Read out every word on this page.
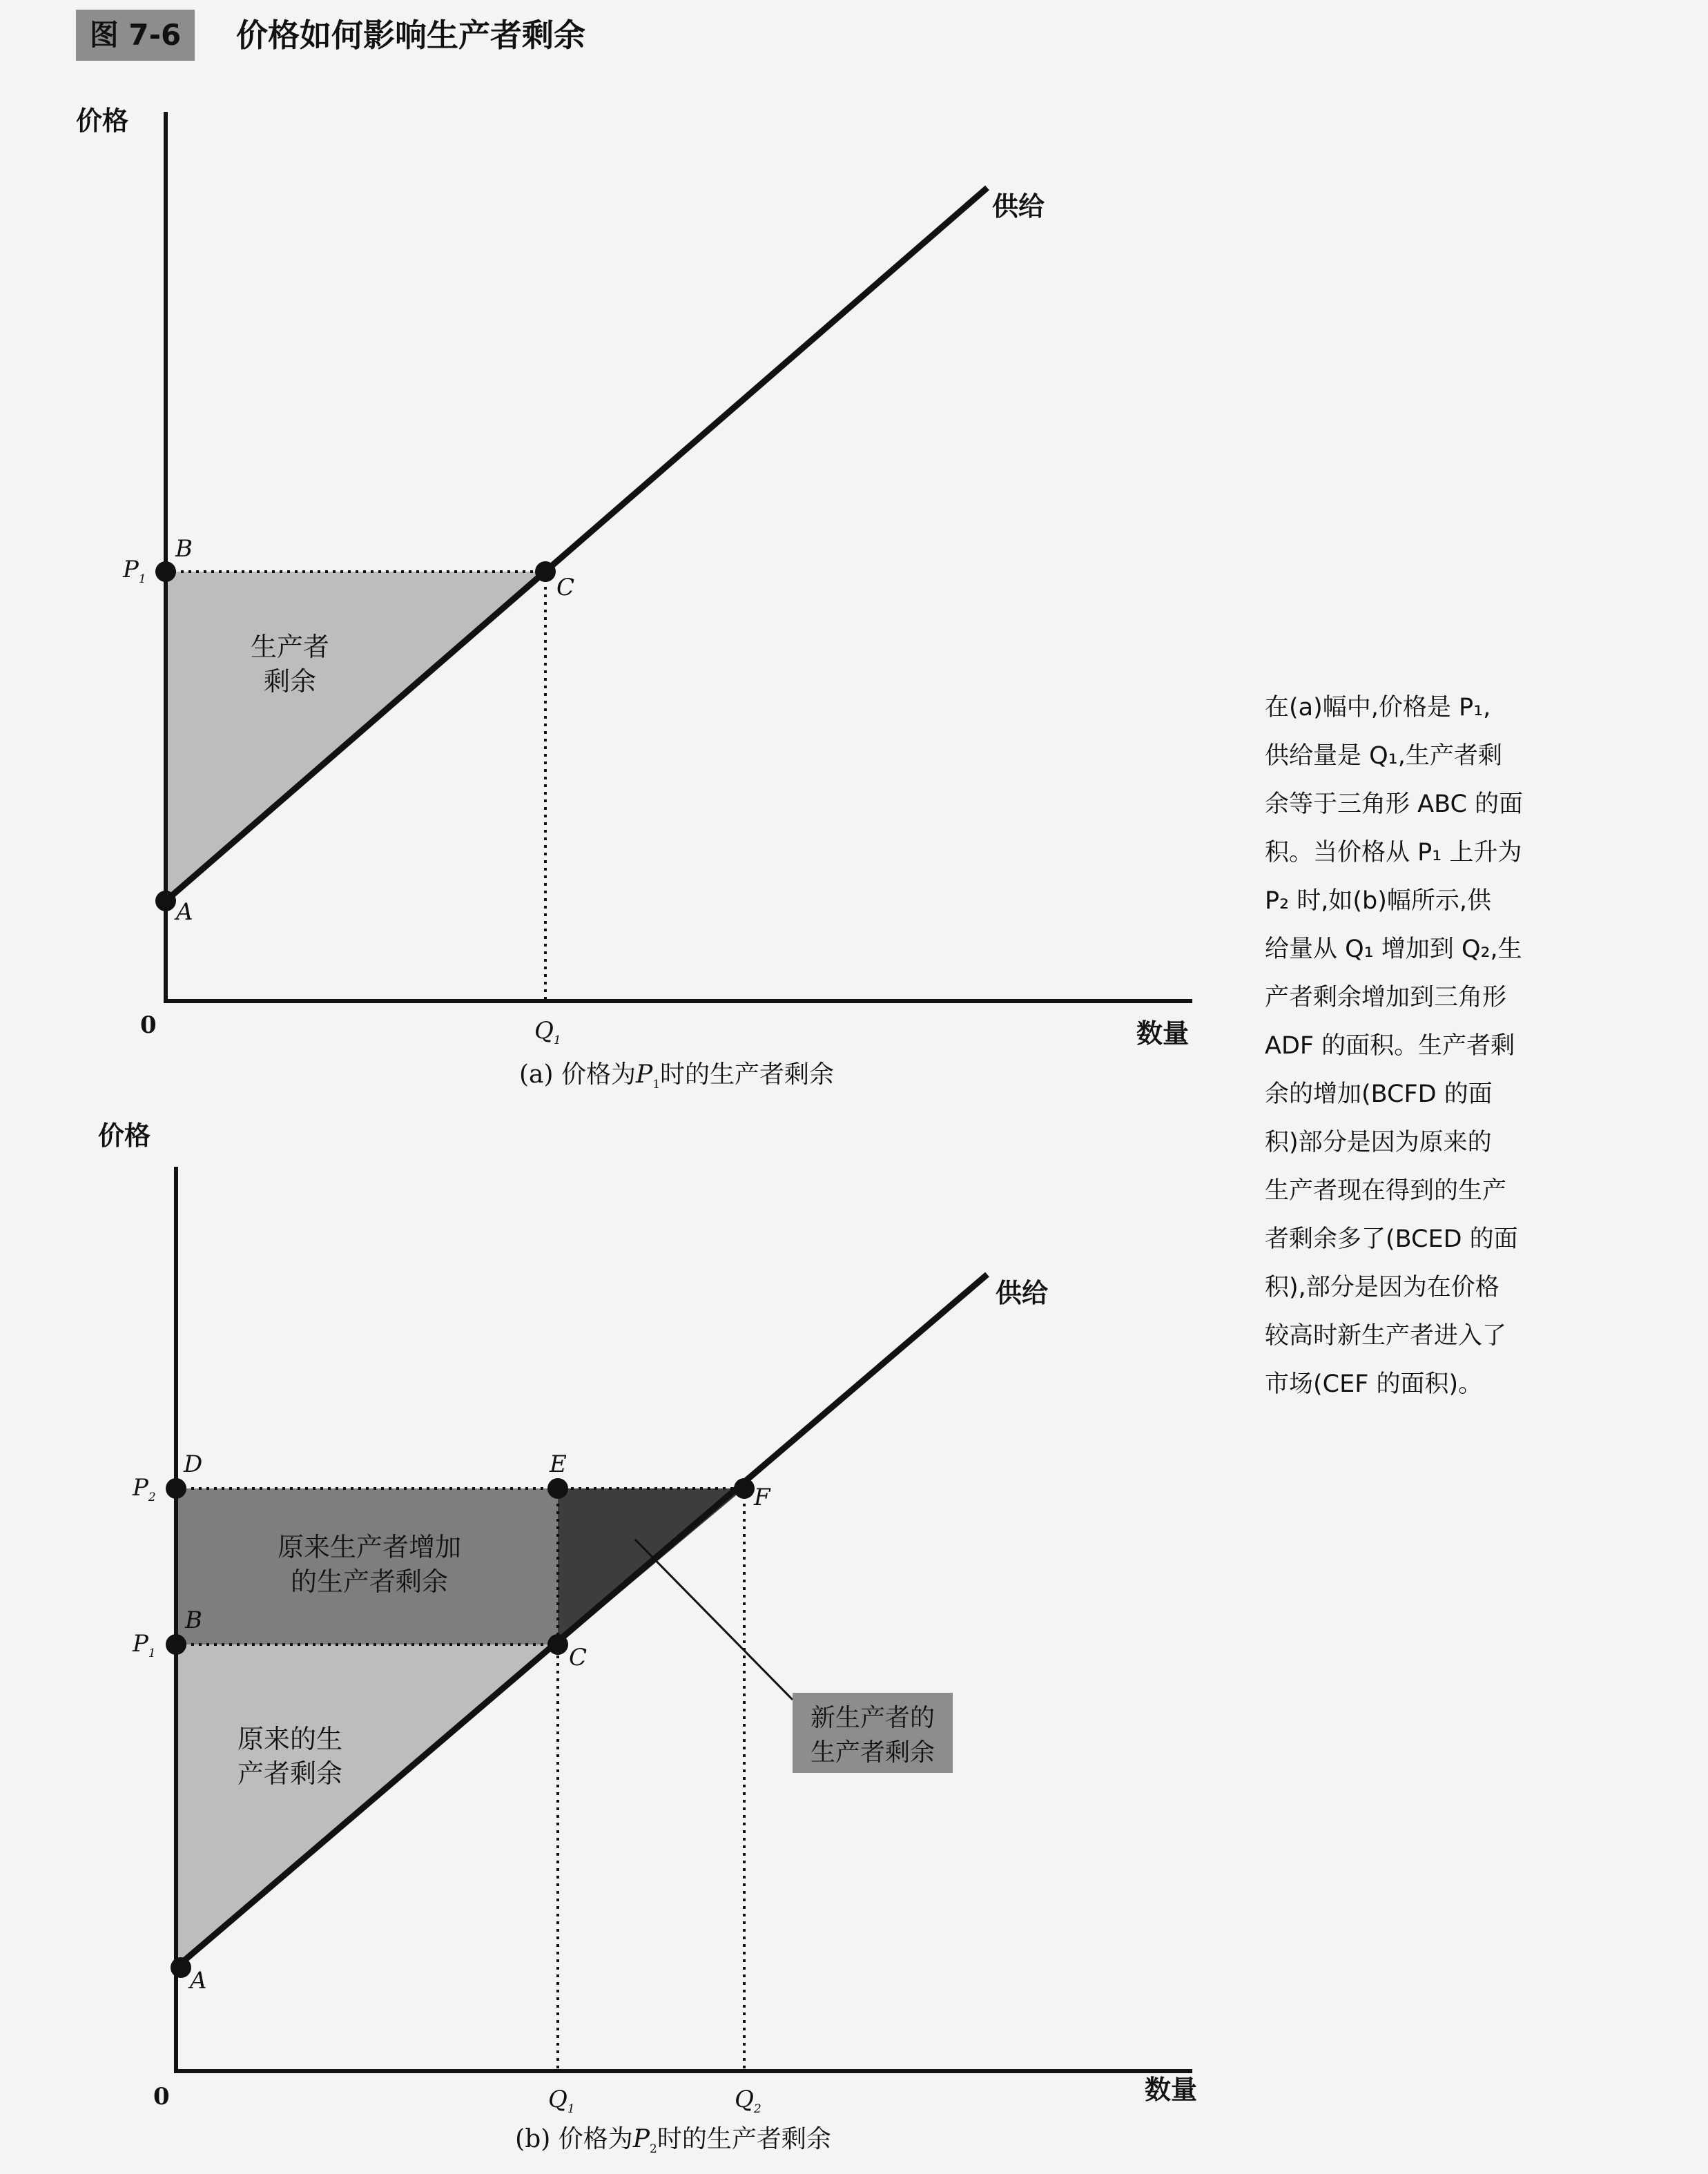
图 7-6	价格如何影响生产者剩余
价格
供给
$P_1$
B
C
A
0	$Q_1$	数量
生产者
剩余
(a) 价格为$P_1$时的生产者剩余
价格
供给
$P_2$
$P_1$
D	E
F
B
C
A
0	$Q_1$	$Q_2$
数量
原来生产者增加
的生产者剩余
原来的生
产者剩余
新生产者的
生产者剩余
(b) 价格为$P_2$时的生产者剩余
在(a)幅中,价格是 P₁,
供给量是 Q₁,生产者剩
余等于三角形 ABC 的面
积。当价格从 P₁ 上升为
P₂ 时,如(b)幅所示,供
给量从 Q₁ 增加到 Q₂,生
产者剩余增加到三角形
ADF 的面积。生产者剩
余的增加(BCFD 的面
积)部分是因为原来的
生产者现在得到的生产
者剩余多了(BCED 的面
积),部分是因为在价格
较高时新生产者进入了
市场(CEF 的面积)。
